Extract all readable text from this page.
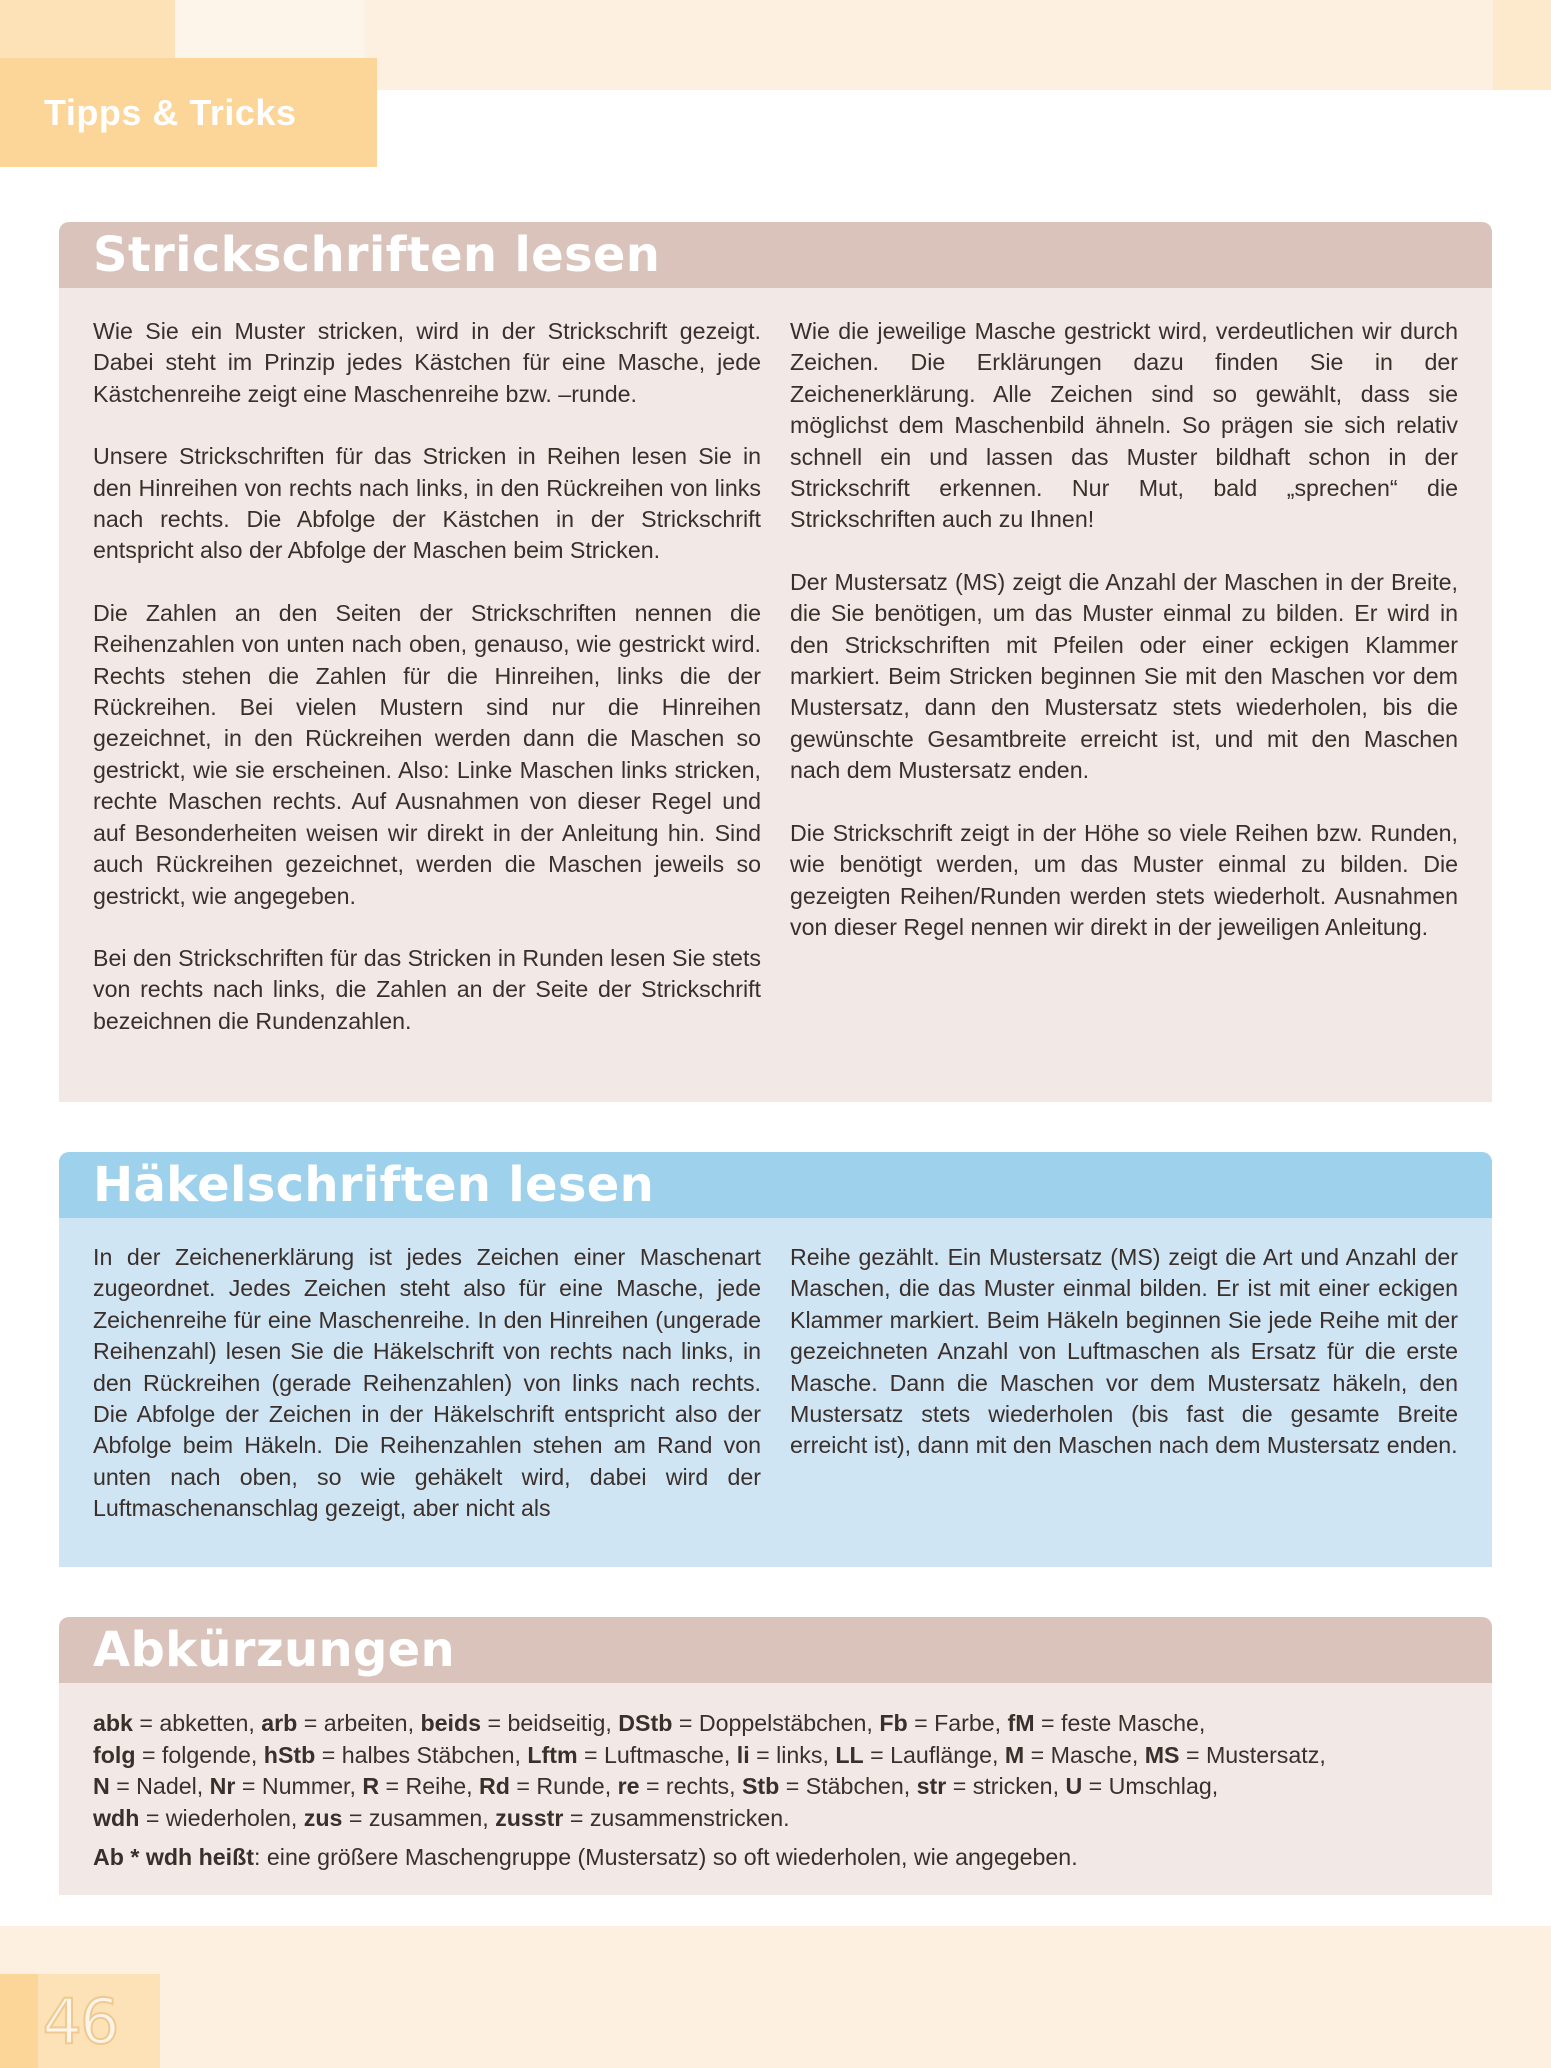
Tipps & Tricks
Strickschriften lesen

Wie Sie ein Muster stricken, wird in der Strickschrift gezeigt. Dabei steht im Prinzip jedes Kästchen für eine Masche, jede Kästchenreihe zeigt eine Maschenreihe bzw. –runde.

Unsere Strickschriften für das Stricken in Reihen lesen Sie in den Hinreihen von rechts nach links, in den Rückreihen von links nach rechts. Die Abfolge der Kästchen in der Strickschrift entspricht also der Abfolge der Maschen beim Stricken.

Die Zahlen an den Seiten der Strickschriften nennen die Reihenzahlen von unten nach oben, genauso, wie gestrickt wird. Rechts stehen die Zahlen für die Hinreihen, links die der Rückreihen. Bei vielen Mustern sind nur die Hinreihen gezeichnet, in den Rückreihen werden dann die Maschen so gestrickt, wie sie erscheinen. Also: Linke Maschen links stricken, rechte Maschen rechts. Auf Ausnahmen von dieser Regel und auf Besonderheiten weisen wir direkt in der Anleitung hin. Sind auch Rückreihen gezeichnet, werden die Maschen jeweils so gestrickt, wie angegeben.

Bei den Strickschriften für das Stricken in Runden lesen Sie stets von rechts nach links, die Zahlen an der Seite der Strickschrift bezeichnen die Rundenzahlen.

Wie die jeweilige Masche gestrickt wird, verdeutlichen wir durch Zeichen. Die Erklärungen dazu finden Sie in der Zeichenerklärung. Alle Zeichen sind so gewählt, dass sie möglichst dem Maschenbild ähneln. So prägen sie sich relativ schnell ein und lassen das Muster bildhaft schon in der Strickschrift erkennen. Nur Mut, bald „sprechen“ die Strickschriften auch zu Ihnen!

Der Mustersatz (MS) zeigt die Anzahl der Maschen in der Breite, die Sie benötigen, um das Muster einmal zu bilden. Er wird in den Strickschriften mit Pfeilen oder einer eckigen Klammer markiert. Beim Stricken beginnen Sie mit den Maschen vor dem Mustersatz, dann den Mustersatz stets wiederholen, bis die gewünschte Gesamtbreite erreicht ist, und mit den Maschen nach dem Mustersatz enden.

Die Strickschrift zeigt in der Höhe so viele Reihen bzw. Runden, wie benötigt werden, um das Muster einmal zu bilden. Die gezeigten Reihen/Runden werden stets wiederholt. Ausnahmen von dieser Regel nennen wir direkt in der jeweiligen Anleitung.

Häkelschriften lesen

In der Zeichenerklärung ist jedes Zeichen einer Maschenart zugeordnet. Jedes Zeichen steht also für eine Masche, jede Zeichenreihe für eine Maschenreihe. In den Hinreihen (ungerade Reihenzahl) lesen Sie die Häkelschrift von rechts nach links, in den Rückreihen (gerade Reihenzahlen) von links nach rechts. Die Abfolge der Zeichen in der Häkelschrift entspricht also der Abfolge beim Häkeln. Die Reihenzahlen stehen am Rand von unten nach oben, so wie gehäkelt wird, dabei wird der Luftmaschenanschlag gezeigt, aber nicht als

Reihe gezählt. Ein Mustersatz (MS) zeigt die Art und Anzahl der Maschen, die das Muster einmal bilden. Er ist mit einer eckigen Klammer markiert. Beim Häkeln beginnen Sie jede Reihe mit der gezeichneten Anzahl von Luftmaschen als Ersatz für die erste Masche. Dann die Maschen vor dem Mustersatz häkeln, den Mustersatz stets wiederholen (bis fast die gesamte Breite erreicht ist), dann mit den Maschen nach dem Mustersatz enden.

Abkürzungen

abk = abketten, arb = arbeiten, beids = beidseitig, DStb = Doppelstäbchen, Fb = Farbe, fM = feste Masche,

folg = folgende, hStb = halbes Stäbchen, Lftm = Luftmasche, li = links, LL = Lauflänge, M = Masche, MS = Mustersatz,

N = Nadel, Nr = Nummer, R = Reihe, Rd = Runde, re = rechts, Stb = Stäbchen, str = stricken, U = Umschlag,

wdh = wiederholen, zus = zusammen, zusstr = zusammenstricken.

Ab * wdh heißt: eine größere Maschengruppe (Mustersatz) so oft wiederholen, wie angegeben.

46
